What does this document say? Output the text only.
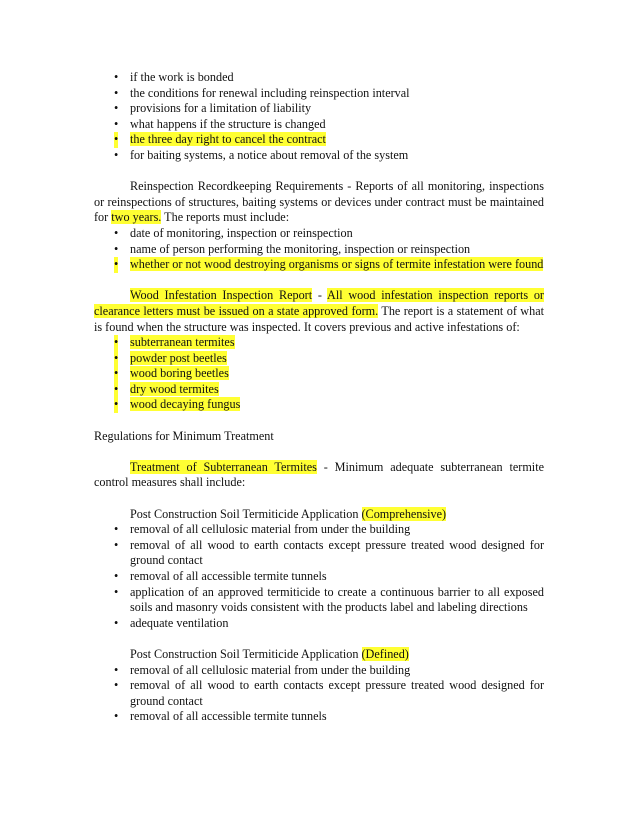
• if the work is bonded
• the conditions for renewal including reinspection interval
• provisions for a limitation of liability
• what happens if the structure is changed
• the three day right to cancel the contract
• for baiting systems, a notice about removal of the system

Reinspection Recordkeeping Requirements - Reports of all monitoring, inspections or reinspections of structures, baiting systems or devices under contract must be maintained for two years. The reports must include:

• date of monitoring, inspection or reinspection
• name of person performing the monitoring, inspection or reinspection
• whether or not wood destroying organisms or signs of termite infestation were found

Wood Infestation Inspection Report - All wood infestation inspection reports or clearance letters must be issued on a state approved form. The report is a statement of what is found when the structure was inspected. It covers previous and active infestations of:

• subterranean termites
• powder post beetles
• wood boring beetles
• dry wood termites
• wood decaying fungus

Regulations for Minimum Treatment

Treatment of Subterranean Termites - Minimum adequate subterranean termite control measures shall include:

Post Construction Soil Termiticide Application (Comprehensive)

• removal of all cellulosic material from under the building
• removal of all wood to earth contacts except pressure treated wood designed for ground contact
• removal of all accessible termite tunnels
• application of an approved termiticide to create a continuous barrier to all exposed soils and masonry voids consistent with the products label and labeling directions
• adequate ventilation

Post Construction Soil Termiticide Application (Defined)

• removal of all cellulosic material from under the building
• removal of all wood to earth contacts except pressure treated wood designed for ground contact
• removal of all accessible termite tunnels
